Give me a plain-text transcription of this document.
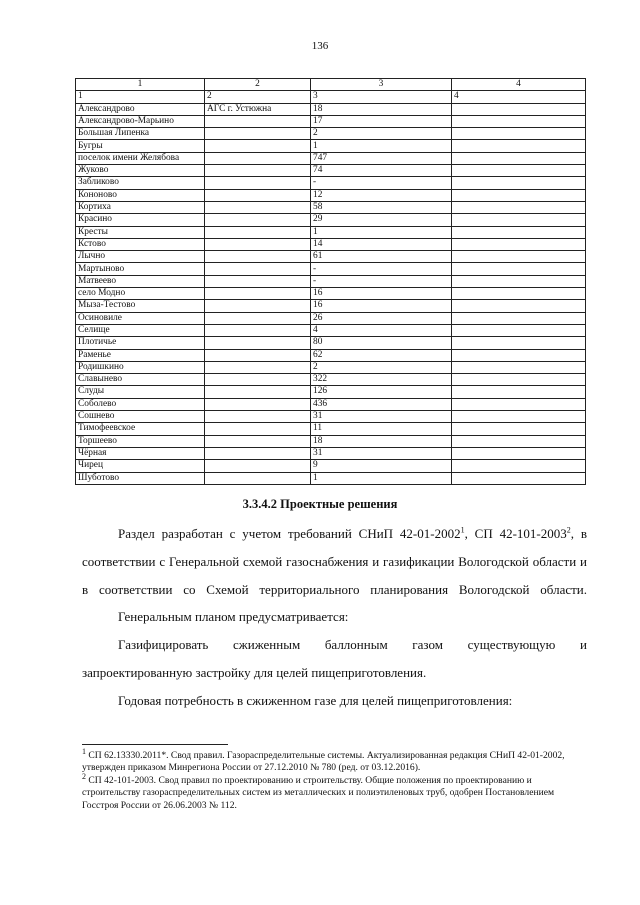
136
1	2	3	4
1	2	3	4
Александрово	АГС г. Устюжна	18	
Александрово-Марьино		17	
Большая Липенка		2	
Бугры		1	
поселок имени Желябова		747	
Жуково		74	
Забликово		-	
Кононово		12	
Кортиха		58	
Красино		29	
Кресты		1	
Кстово		14	
Лычно		61	
Мартыново		-	
Матвеево		-	
село Модно		16	
Мыза-Тестово		16	
Осиновиле		26	
Селище		4	
Плотичье		80	
Раменье		62	
Родишкино		2	
Славынево		322	
Слуды		126	
Соболево		436	
Сошнево		31	
Тимофеевское		11	
Торшеево		18	
Чёрная		31	
Чирец		9	
Шуботово		1	
3.3.4.2 Проектные решения

Раздел разработан с учетом требований СНиП 42-01-2002$^1$, СП 42-101-2003$^2$, в соответствии с Генеральной схемой газоснабжения и газификации Вологодской области и в соответствии со Схемой территориального планирования Вологодской области.

Генеральным планом предусматривается:

Газифицировать сжиженным баллонным газом существующую и запроектированную застройку для целей пищеприготовления.

Годовая потребность в сжиженном газе для целей пищеприготовления:

$^1$ СП 62.13330.2011*. Свод правил. Газораспределительные системы. Актуализированная редакция СНиП 42-01-2002, утвержден приказом Минрегиона России от 27.12.2010 № 780 (ред. от 03.12.2016).

$^2$ СП 42-101-2003. Свод правил по проектированию и строительству. Общие положения по проектированию и строительству газораспределительных систем из металлических и полиэтиленовых труб, одобрен Постановлением Госстроя России от 26.06.2003 № 112.
